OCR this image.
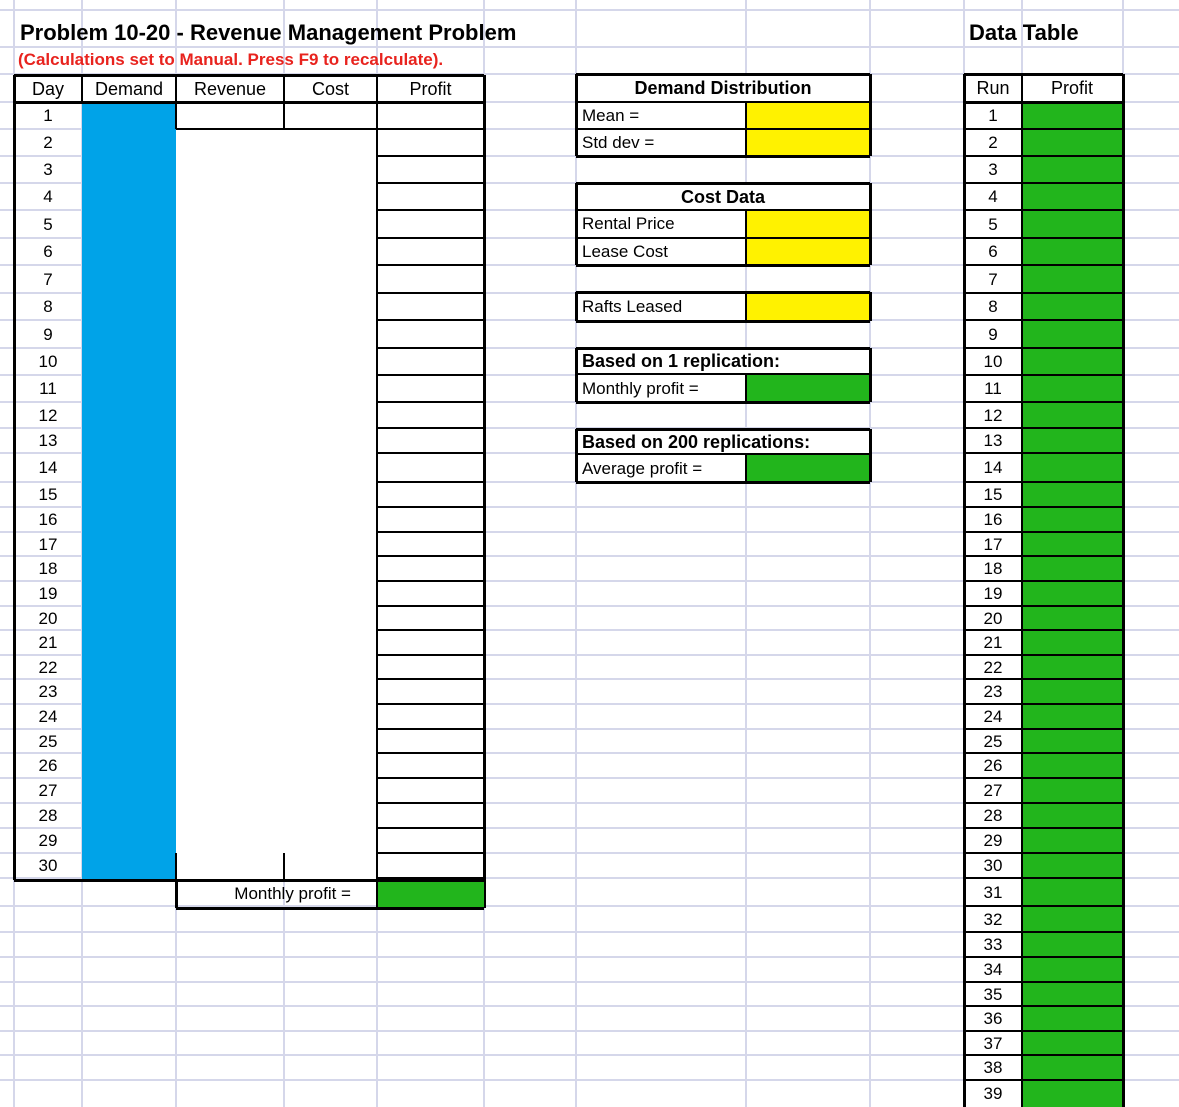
Problem 10-20 - Revenue Management Problem
(Calculations set to Manual. Press F9 to recalculate).
Data Table
Day	Demand	Revenue	Cost	Profit
1
2
3
4
5
6
7
8
9
10
11
12
13
14
15
16
17
18
19
20
21
22
23
24
25
26
27
28
29
30
Monthly profit =
Demand Distribution
Mean =
Std dev =
Cost Data
Rental Price
Lease Cost
Rafts Leased
Based on 1 replication:
Monthly profit =
Based on 200 replications:
Average profit =
Run	Profit
1
2
3
4
5
6
7
8
9
10
11
12
13
14
15
16
17
18
19
20
21
22
23
24
25
26
27
28
29
30
31
32
33
34
35
36
37
38
39
